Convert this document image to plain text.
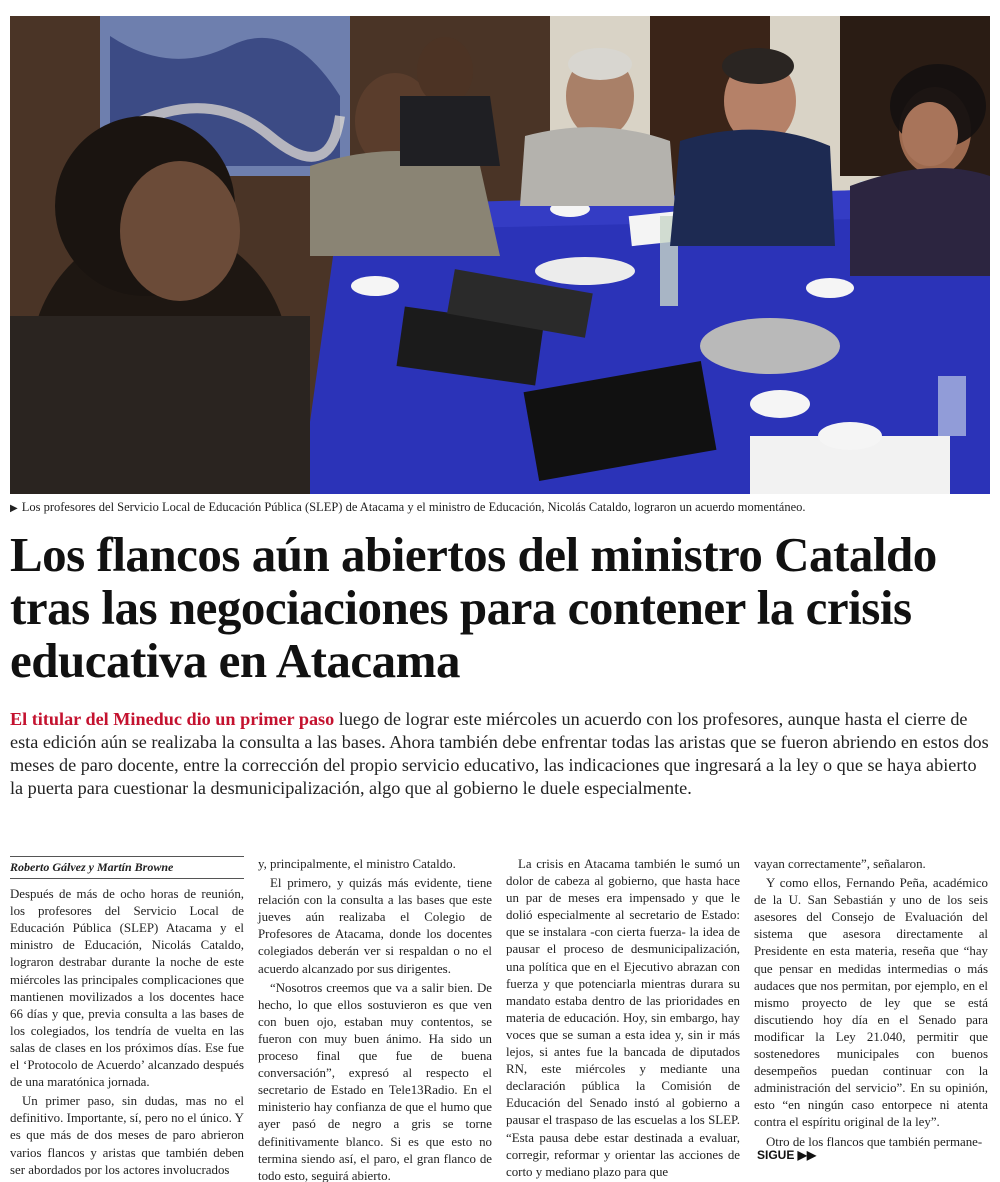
▶ Los profesores del Servicio Local de Educación Pública (SLEP) de Atacama y el ministro de Educación, Nicolás Cataldo, lograron un acuerdo momentáneo.
Los flancos aún abiertos del ministro Cataldo tras las negociaciones para contener la crisis educativa en Atacama

El titular del Mineduc dio un primer paso luego de lograr este miércoles un acuerdo con los profesores, aunque hasta el cierre de esta edición aún se realizaba la consulta a las bases. Ahora también debe enfrentar todas las aristas que se fueron abriendo en estos dos meses de paro docente, entre la corrección del propio servicio educativo, las indicaciones que ingresará a la ley o que se haya abierto la puerta para cuestionar la desmunicipalización, algo que al gobierno le duele especialmente.

Roberto Gálvez y Martín Browne

Después de más de ocho horas de reunión, los profesores del Servicio Local de Educación Pública (SLEP) Atacama y el ministro de Educación, Nicolás Cataldo, lograron destrabar durante la noche de este miércoles las principales complicaciones que mantienen movilizados a los docentes hace 66 días y que, previa consulta a las bases de los colegiados, los tendría de vuelta en las salas de clases en los próximos días. Ese fue el ‘Protocolo de Acuerdo’ alcanzado después de una maratónica jornada.

Un primer paso, sin dudas, mas no el definitivo. Importante, sí, pero no el único. Y es que más de dos meses de paro abrieron varios flancos y aristas que también deben ser abordados por los actores involucrados

y, principalmente, el ministro Cataldo.

El primero, y quizás más evidente, tiene relación con la consulta a las bases que este jueves aún realizaba el Colegio de Profesores de Atacama, donde los docentes colegiados deberán ver si respaldan o no el acuerdo alcanzado por sus dirigentes.

“Nosotros creemos que va a salir bien. De hecho, lo que ellos sostuvieron es que ven con buen ojo, estaban muy contentos, se fueron con muy buen ánimo. Ha sido un proceso final que fue de buena conversación”, expresó al respecto el secretario de Estado en Tele13Radio. En el ministerio hay confianza de que el humo que ayer pasó de negro a gris se torne definitivamente blanco. Si es que esto no termina siendo así, el paro, el gran flanco de todo esto, seguirá abierto.

La crisis en Atacama también le sumó un dolor de cabeza al gobierno, que hasta hace un par de meses era impensado y que le dolió especialmente al secretario de Estado: que se instalara -con cierta fuerza- la idea de pausar el proceso de desmunicipalización, una política que en el Ejecutivo abrazan con fuerza y que potenciarla mientras durara su mandato estaba dentro de las prioridades en materia de educación. Hoy, sin embargo, hay voces que se suman a esta idea y, sin ir más lejos, si antes fue la bancada de diputados RN, este miércoles y mediante una declaración pública la Comisión de Educación del Senado instó al gobierno a pausar el traspaso de las escuelas a los SLEP. “Esta pausa debe estar destinada a evaluar, corregir, reformar y orientar las acciones de corto y mediano plazo para que

vayan correctamente”, señalaron.

Y como ellos, Fernando Peña, académico de la U. San Sebastián y uno de los seis asesores del Consejo de Evaluación del sistema que asesora directamente al Presidente en esta materia, reseña que “hay que pensar en medidas intermedias o más audaces que nos permitan, por ejemplo, en el mismo proyecto de ley que se está discutiendo hoy día en el Senado para modificar la Ley 21.040, permitir que sostenedores municipales con buenos desempeños puedan continuar con la administración del servicio”. En su opinión, esto “en ningún caso entorpece ni atenta contra el espíritu original de la ley”.

Otro de los flancos que también permane-

SIGUE ▶▶
